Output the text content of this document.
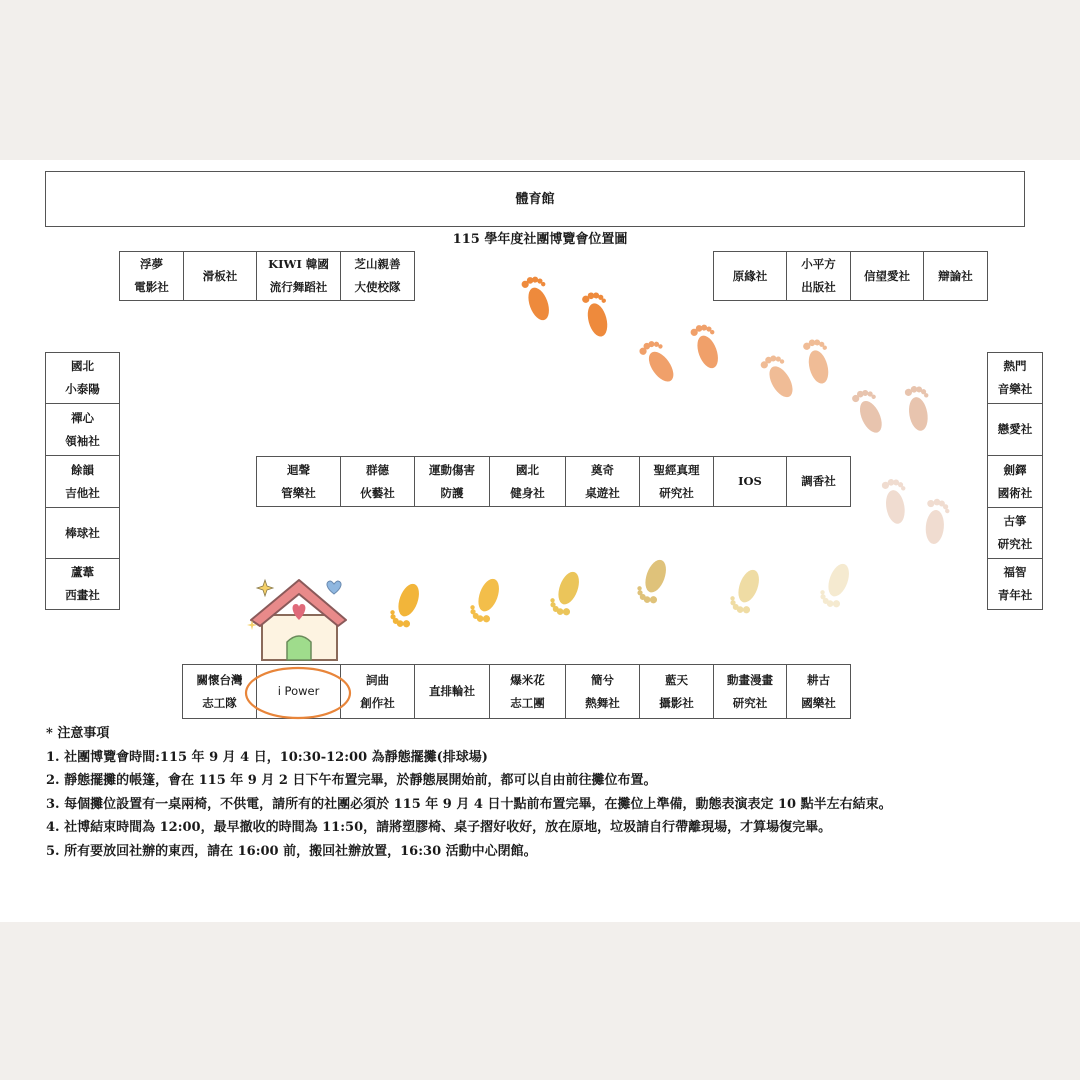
體育館
115 學年度社團博覽會位置圖
浮夢
電影社
滑板社
KIWI 韓國
流行舞蹈社
芝山親善
大使校隊
原緣社
小平方
出版社
信望愛社	辯論社
國北
小泰陽
禪心
領袖社
餘韻
吉他社
棒球社
蘆葦
西畫社
熱門
音樂社
戀愛社
劍鐸
國術社
古箏
研究社
福智
青年社
迴聲
管樂社
群德
伙藝社
運動傷害
防護
國北
健身社
奠奇
桌遊社
聖經真理
研究社
IOS	調香社
關懷台灣
志工隊
i Power
詞曲
創作社
直排輪社
爆米花
志工團
簡兮
熱舞社
藍天
攝影社
動畫漫畫
研究社
耕古
國樂社
* 注意事項
1. 社團博覽會時間:115 年 9 月 4 日，10:30-12:00 為靜態擺攤(排球場)
2. 靜態擺攤的帳篷，會在 115 年 9 月 2 日下午布置完畢，於靜態展開始前，都可以自由前往攤位布置。
3. 每個攤位設置有一桌兩椅，不供電，請所有的社團必須於 115 年 9 月 4 日十點前布置完畢，在攤位上準備，動態表演表定 10 點半左右結束。
4. 社博結束時間為 12:00，最早撤收的時間為 11:50，請將塑膠椅、桌子摺好收好，放在原地，垃圾請自行帶離現場，才算場復完畢。
5. 所有要放回社辦的東西，請在 16:00 前，搬回社辦放置，16:30 活動中心閉館。
